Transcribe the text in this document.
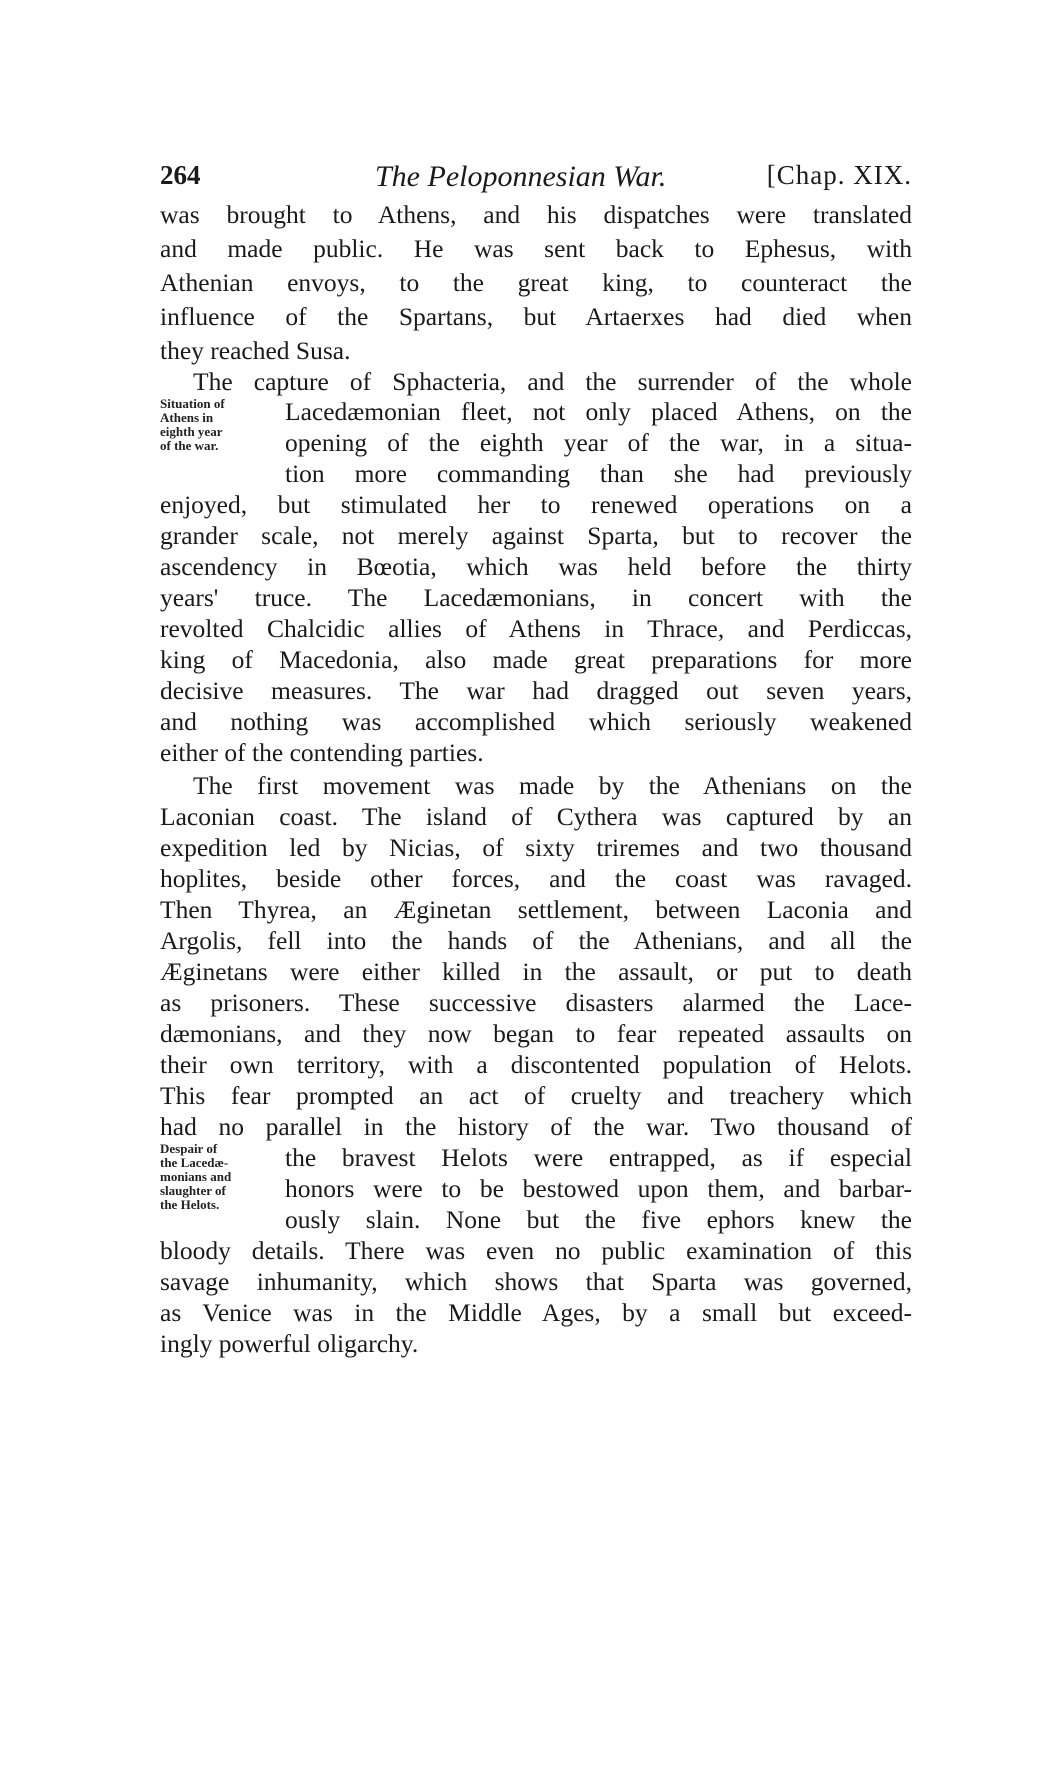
264	The Peloponnesian War.	[Chap. XIX.
Situation of
Athens in
eighth year
of the war.
Despair of
the Lacedæ-
monians and
slaughter of
the Helots.
was brought to Athens, and his dispatches were translated
and made public. He was sent back to Ephesus, with
Athenian envoys, to the great king, to counteract the
influence of the Spartans, but Artaerxes had died when
they reached Susa.
The capture of Sphacteria, and the surrender of the whole
Lacedæmonian fleet, not only placed Athens, on the
opening of the eighth year of the war, in a situa-
tion more commanding than she had previously
enjoyed, but stimulated her to renewed operations on a
grander scale, not merely against Sparta, but to recover the
ascendency in Bœotia, which was held before the thirty
years' truce. The Lacedæmonians, in concert with the
revolted Chalcidic allies of Athens in Thrace, and Perdiccas,
king of Macedonia, also made great preparations for more
decisive measures. The war had dragged out seven years,
and nothing was accomplished which seriously weakened
either of the contending parties.
The first movement was made by the Athenians on the
Laconian coast. The island of Cythera was captured by an
expedition led by Nicias, of sixty triremes and two thousand
hoplites, beside other forces, and the coast was ravaged.
Then Thyrea, an Æginetan settlement, between Laconia and
Argolis, fell into the hands of the Athenians, and all the
Æginetans were either killed in the assault, or put to death
as prisoners. These successive disasters alarmed the Lace-
dæmonians, and they now began to fear repeated assaults on
their own territory, with a discontented population of Helots.
This fear prompted an act of cruelty and treachery which
had no parallel in the history of the war. Two thousand of
the bravest Helots were entrapped, as if especial
honors were to be bestowed upon them, and barbar-
ously slain. None but the five ephors knew the
bloody details. There was even no public examination of this
savage inhumanity, which shows that Sparta was governed,
as Venice was in the Middle Ages, by a small but exceed-
ingly powerful oligarchy.
